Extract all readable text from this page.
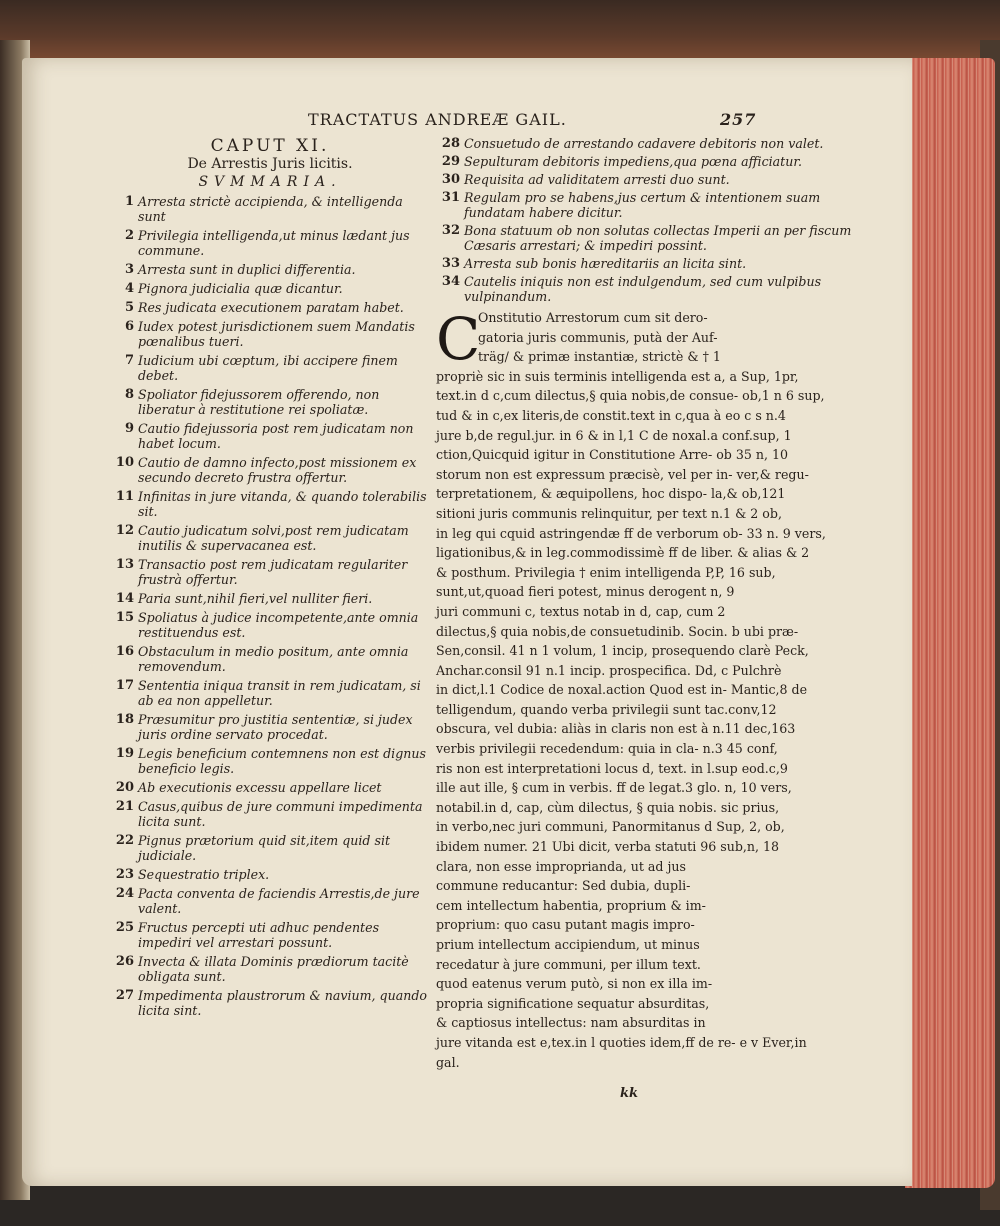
TRACTATUS ANDREÆ GAIL.	257
CAPUT XI.
De Arrestis Juris licitis.
SVMMARIA.
1 Arresta strictè accipienda, & intelligenda sunt
2 Privilegia intelligenda,ut minus lædant jus commune.
3 Arresta sunt in duplici differentia.
4 Pignora judicialia quæ dicantur.
5 Res judicata executionem paratam habet.
6 Iudex potest jurisdictionem suem Mandatis pœnalibus tueri.
7 Iudicium ubi cœptum, ibi accipere finem debet.
8 Spoliator fidejussorem offerendo, non liberatur à restitutione rei spoliatæ.
9 Cautio fidejussoria post rem judicatam non habet locum.
10 Cautio de damno infecto,post missionem ex secundo decreto frustra offertur.
11 Infinitas in jure vitanda, & quando tolerabilis sit.
12 Cautio judicatum solvi,post rem judicatam inutilis & supervacanea est.
13 Transactio post rem judicatam regulariter frustrà offertur.
14 Paria sunt,nihil fieri,vel nulliter fieri.
15 Spoliatus à judice incompetente,ante omnia restituendus est.
16 Obstaculum in medio positum, ante omnia removendum.
17 Sententia iniqua transit in rem judicatam, si ab ea non appelletur.
18 Præsumitur pro justitia sententiæ, si judex juris ordine servato procedat.
19 Legis beneficium contemnens non est dignus beneficio legis.
20 Ab executionis excessu appellare licet
21 Casus,quibus de jure communi impedimenta licita sunt.
22 Pignus prætorium quid sit,item quid sit judiciale.
23 Sequestratio triplex.
24 Pacta conventa de faciendis Arrestis,de jure valent.
25 Fructus percepti uti adhuc pendentes impediri vel arrestari possunt.
26 Invecta & illata Dominis prædiorum tacitè obligata sunt.
27 Impedimenta plaustrorum & navium, quando licita sint.
28 Consuetudo de arrestando cadavere debitoris non valet.
29 Sepulturam debitoris impediens,qua pœna afficiatur.
30 Requisita ad validitatem arresti duo sunt.
31 Regulam pro se habens,jus certum & intentionem suam fundatam habere dicitur.
32 Bona statuum ob non solutas collectas Imperii an per fiscum Cæsaris arrestari; & impediri possint.
33 Arresta sub bonis hæreditariis an licita sint.
34 Cautelis iniquis non est indulgendum, sed cum vulpibus vulpinandum.
C
Onstitutio Arrestorum cum sit dero-
gatoria juris communis, putà der Auf-
träg/ & primæ instantiæ, strictè & † 1
propriè sic in suis terminis intelligenda est a, a Sup, 1pr,
text.in d c,cum dilectus,§ quia nobis,de consue- ob,1 n 6 sup,
tud & in c,ex literis,de constit.text in c,qua à eo c s n.4
jure b,de regul.jur. in 6 & in l,1 C de noxal.a conf.sup, 1
ction,Quicquid igitur in Constitutione Arre- ob 35 n, 10
storum non est expressum præcisè, vel per in- ver,& regu-
terpretationem, & æquipollens, hoc dispo- la,& ob,121
sitioni juris communis relinquitur, per text n.1 & 2 ob,
in leg qui cquid astringendæ ff de verborum ob- 33 n. 9 vers,
ligationibus,& in leg.commodissimè ff de liber. & alias & 2
& posthum. Privilegia † enim intelligenda P,P, 16 sub,
sunt,ut,quoad fieri potest, minus derogent n, 9
juri communi c, textus notab in d, cap, cum 2
dilectus,§ quia nobis,de consuetudinib. Socin. b ubi præ-
Sen,consil. 41 n 1 volum, 1 incip, prosequendo clarè Peck,
Anchar.consil 91 n.1 incip. prospecifica. Dd, c Pulchrè
in dict,l.1 Codice de noxal.action Quod est in- Mantic,8 de
telligendum, quando verba privilegii sunt tac.conv,12
obscura, vel dubia: aliàs in claris non est à n.11 dec,163
verbis privilegii recedendum: quia in cla- n.3 45 conf,
ris non est interpretationi locus d, text. in l.sup eod.c,9
ille aut ille, § cum in verbis. ff de legat.3 glo. n, 10 vers,
notabil.in d, cap, cùm dilectus, § quia nobis. sic prius,
in verbo,nec juri communi, Panormitanus d Sup, 2, ob,
ibidem numer. 21 Ubi dicit, verba statuti 96 sub,n, 18
clara, non esse improprianda, ut ad jus
commune reducantur: Sed dubia, dupli-
cem intellectum habentia, proprium & im-
proprium: quo casu putant magis impro-
prium intellectum accipiendum, ut minus
recedatur à jure communi, per illum text.
quod eatenus verum putò, si non ex illa im-
propria significatione sequatur absurditas,
& captiosus intellectus: nam absurditas in
jure vitanda est e,tex.in l quoties idem,ff de re- e v Ever,in
gal.
kk
